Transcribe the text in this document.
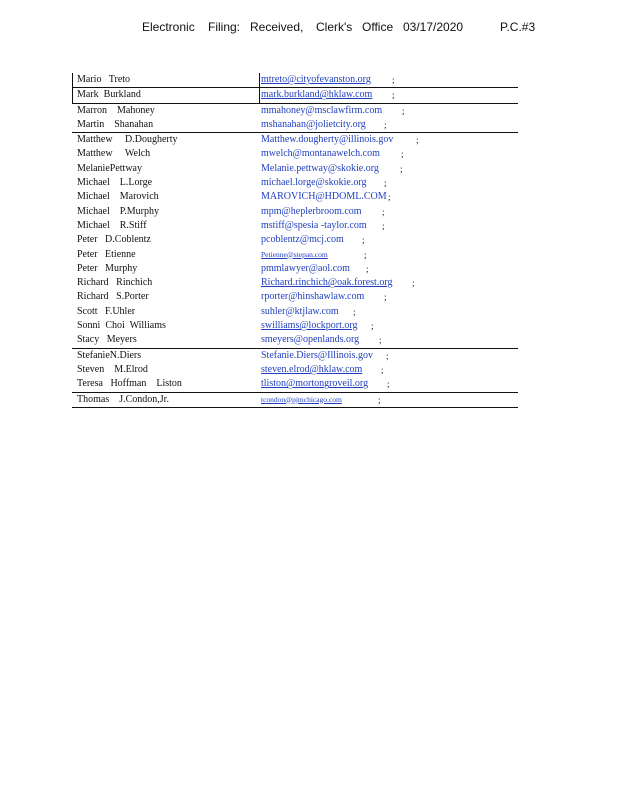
Electronic Filing: Received, Clerk's Office 03/17/2020	P.C.#3
Mario   Treto	mtreto@cityofevanston.org ;
Mark  Burkland	mark.burkland@hklaw.com ;
Marron    Mahoney	mmahoney@msclawfirm.com ;
Martin    Shanahan	mshanahan@jolietcity.org ;
Matthew     D.Dougherty	Matthew.dougherty@illinois.gov	;
Matthew     Welch	mwelch@montanawelch.com ;
MelaniePettway	Melanie.pettway@skokie.org ;
Michael    L.Lorge	michael.lorge@skokie.org ;
Michael    Marovich	MAROVICH@HDOML.COM ;
Michael    P.Murphy	mpm@heplerbroom.com ;
Michael    R.Stiff	mstiff@spesia -taylor.com ;
Peter   D.Coblentz	pcoblentz@mcj.com ;
Peter   Etienne	Petienne@stepan.com	;
Peter   Murphy	pmmlawyer@aol.com ;
Richard   Rinchich	Richard.rinchich@oak.forest.org ;
Richard   S.Porter	rporter@hinshawlaw.com ;
Scott   F.Uhler	suhler@ktjlaw.com ;
Sonni  Choi  Williams	swilliams@lockport.org ;
Stacy   Meyers	smeyers@openlands.org ;
StefanieN.Diers	Stefanie.Diers@Illinois.gov ;
Steven    M.Elrod	steven.elrod@hklaw.com ;
Teresa   Hoffman    Liston	tliston@mortongroveil.org ;
Thomas    J.Condon,Jr.	tcondon@pjmchicago.com	;
